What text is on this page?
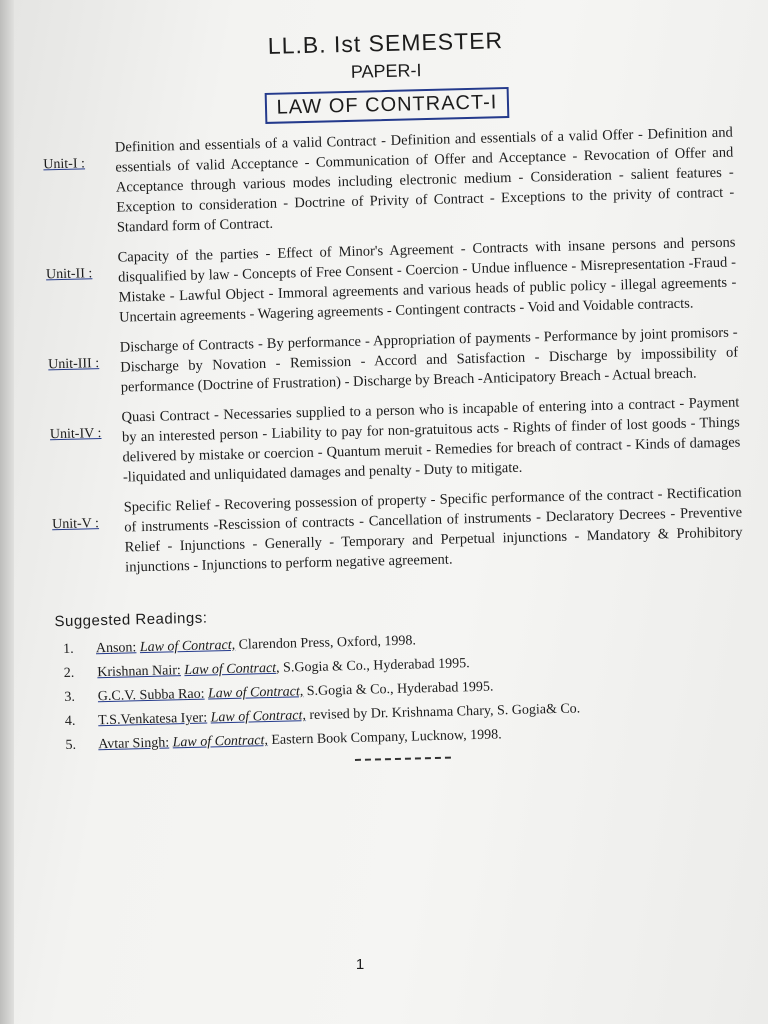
LL.B. Ist SEMESTER
PAPER-I
LAW OF CONTRACT-I
Unit-I :
Definition and essentials of a valid Contract - Definition and essentials of a valid Offer - Definition and essentials of valid Acceptance - Communication of Offer and Acceptance - Revocation of Offer and Acceptance through various modes including electronic medium - Consideration - salient features - Exception to consideration - Doctrine of Privity of Contract - Exceptions to the privity of contract - Standard form of Contract.
Unit-II :
Capacity of the parties - Effect of Minor's Agreement - Contracts with insane persons and persons disqualified by law - Concepts of Free Consent - Coercion - Undue influence - Misrepresentation -Fraud - Mistake - Lawful Object - Immoral agreements and various heads of public policy - illegal agreements - Uncertain agreements - Wagering agreements - Contingent contracts - Void and Voidable contracts.
Unit-III :
Discharge of Contracts - By performance - Appropriation of payments - Performance by joint promisors - Discharge by Novation - Remission - Accord and Satisfaction - Discharge by impossibility of performance (Doctrine of Frustration) - Discharge by Breach -Anticipatory Breach - Actual breach.
Unit-IV :
Quasi Contract - Necessaries supplied to a person who is incapable of entering into a contract - Payment by an interested person - Liability to pay for non-gratuitous acts - Rights of finder of lost goods - Things delivered by mistake or coercion - Quantum meruit - Remedies for breach of contract - Kinds of damages -liquidated and unliquidated damages and penalty - Duty to mitigate.
Unit-V :
Specific Relief - Recovering possession of property - Specific performance of the contract - Rectification of instruments -Rescission of contracts - Cancellation of instruments - Declaratory Decrees - Preventive Relief - Injunctions - Generally - Temporary and Perpetual injunctions - Mandatory & Prohibitory injunctions - Injunctions to perform negative agreement.
Suggested Readings:
1. Anson: Law of Contract, Clarendon Press, Oxford, 1998.
2. Krishnan Nair: Law of Contract, S.Gogia & Co., Hyderabad 1995.
3. G.C.V. Subba Rao: Law of Contract, S.Gogia & Co., Hyderabad 1995.
4. T.S.Venkatesa Iyer: Law of Contract, revised by Dr. Krishnama Chary, S. Gogia& Co.
5. Avtar Singh: Law of Contract, Eastern Book Company, Lucknow, 1998.
1
